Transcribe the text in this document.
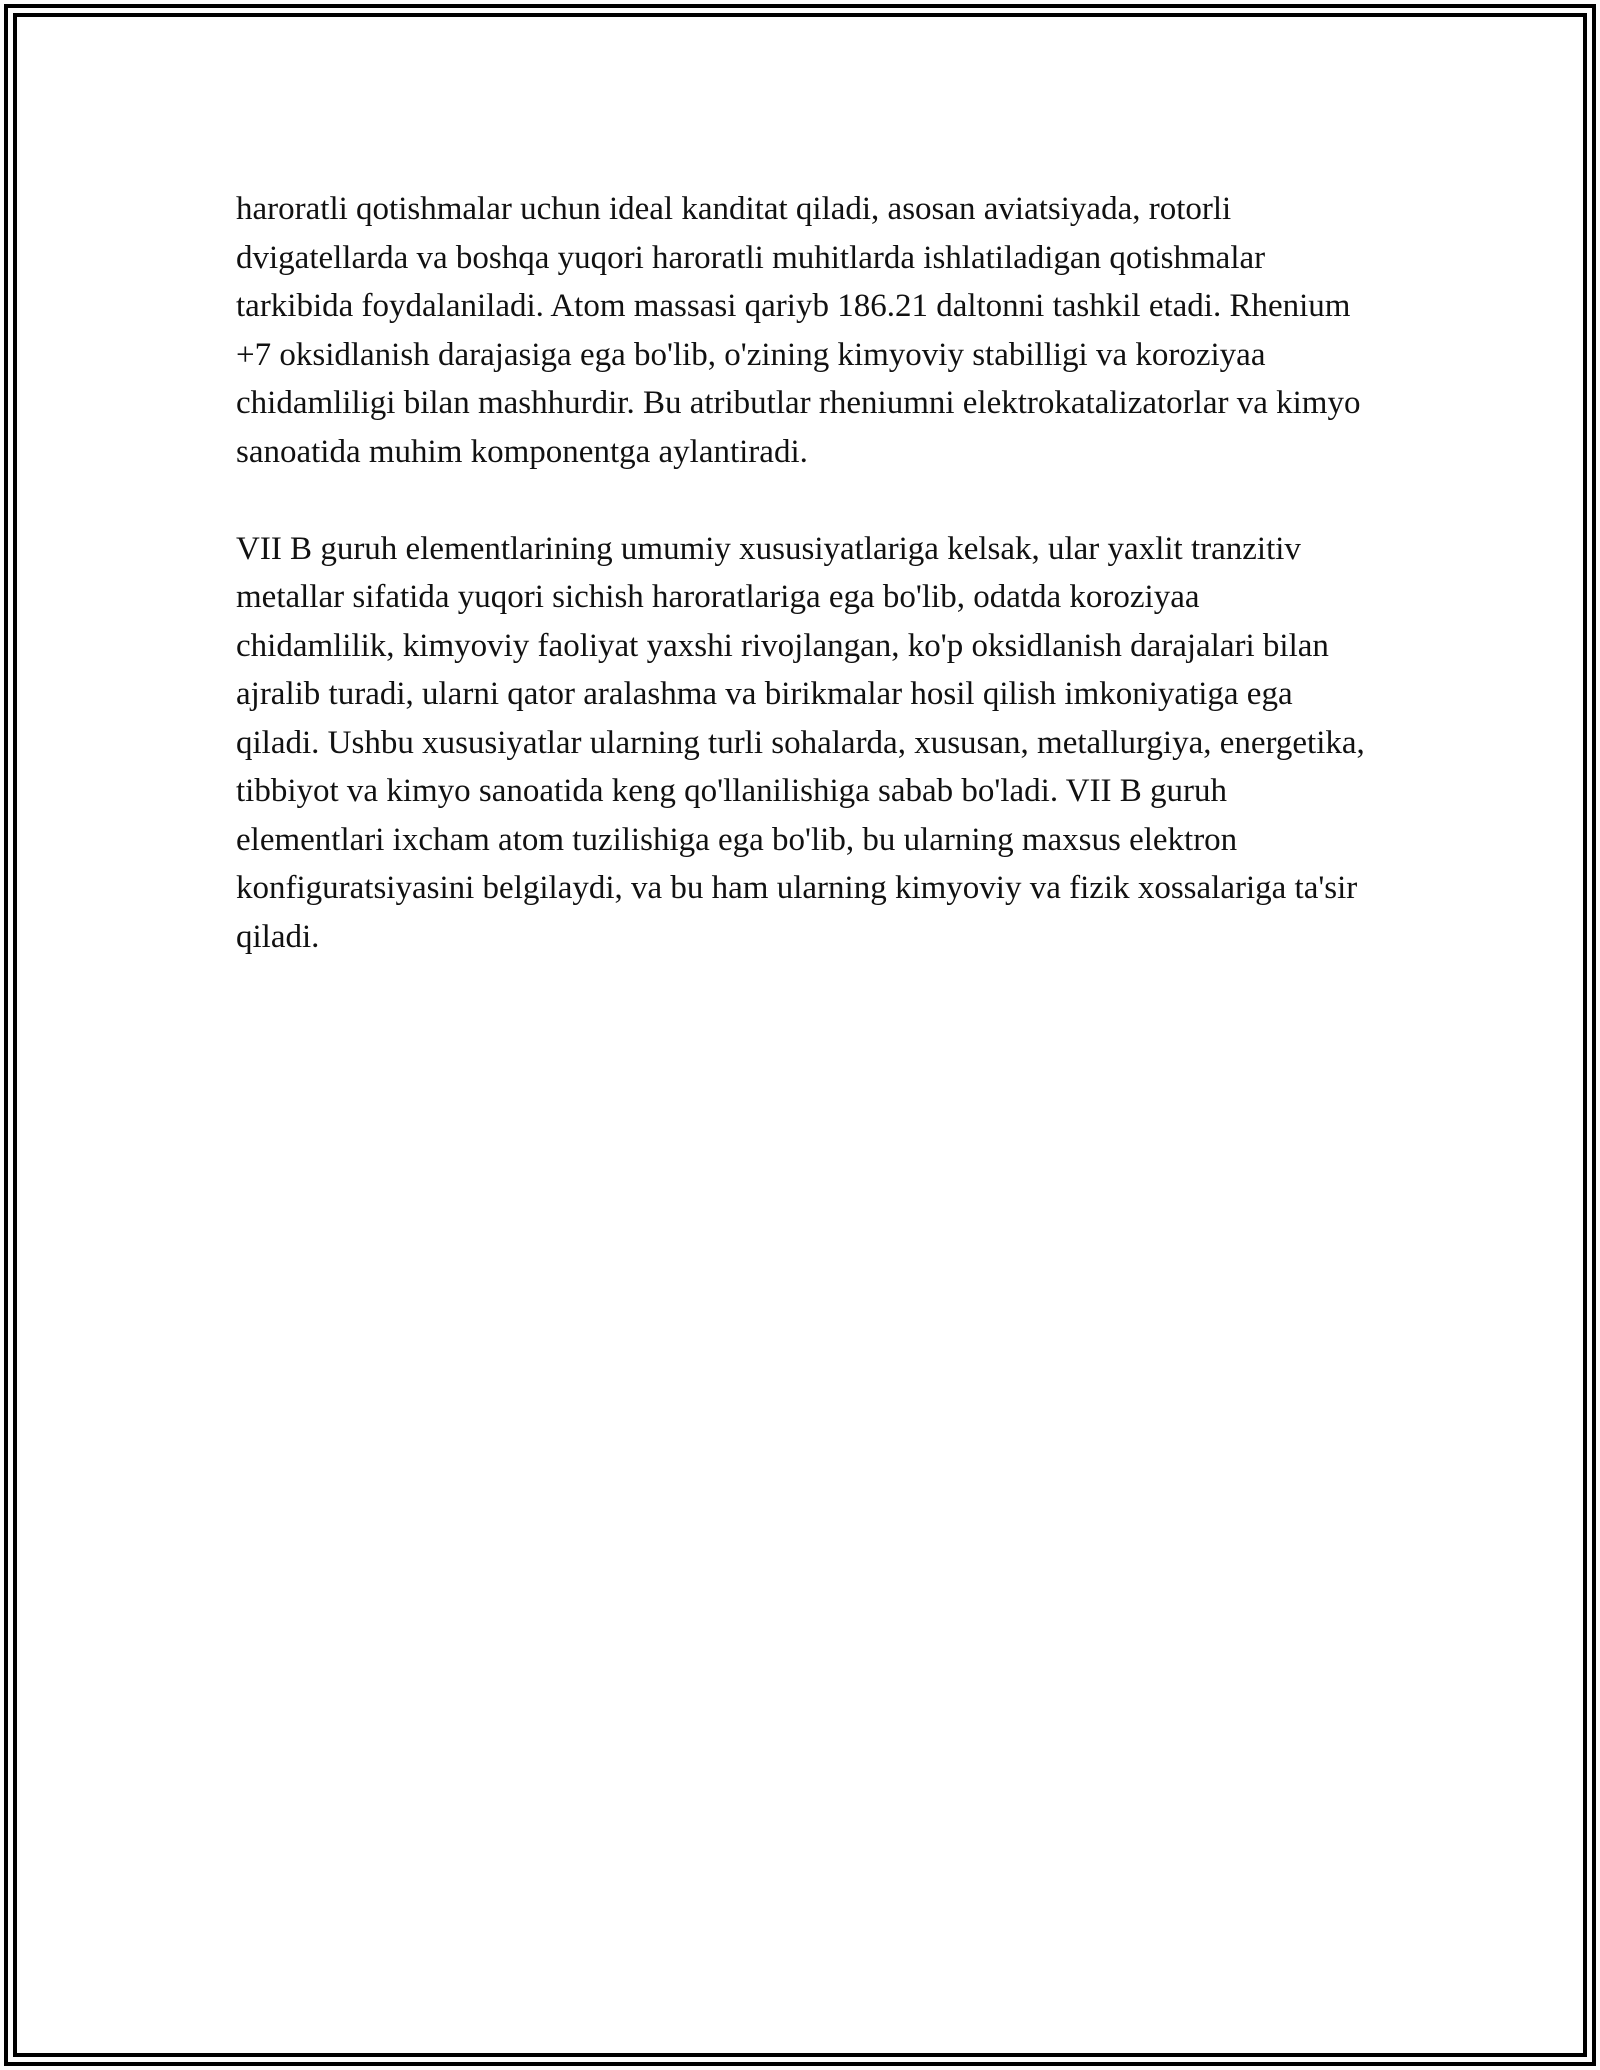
haroratli qotishmalar uchun ideal kanditat qiladi, asosan aviatsiyada, rotorli dvigatellarda va boshqa yuqori haroratli muhitlarda ishlatiladigan qotishmalar tarkibida foydalaniladi. Atom massasi qariyb 186.21 daltonni tashkil etadi. Rhenium +7 oksidlanish darajasiga ega bo'lib, o'zining kimyoviy stabilligi va koroziyaa chidamliligi bilan mashhurdir. Bu atributlar rheniumni elektrokatalizatorlar va kimyo sanoatida muhim komponentga aylantiradi.

VII B guruh elementlarining umumiy xususiyatlariga kelsak, ular yaxlit tranzitiv metallar sifatida yuqori sichish haroratlariga ega bo'lib, odatda koroziyaa chidamlilik, kimyoviy faoliyat yaxshi rivojlangan, ko'p oksidlanish darajalari bilan ajralib turadi, ularni qator aralashma va birikmalar hosil qilish imkoniyatiga ega qiladi. Ushbu xususiyatlar ularning turli sohalarda, xususan, metallurgiya, energetika, tibbiyot va kimyo sanoatida keng qo'llanilishiga sabab bo'ladi. VII B guruh elementlari ixcham atom tuzilishiga ega bo'lib, bu ularning maxsus elektron konfiguratsiyasini belgilaydi, va bu ham ularning kimyoviy va fizik xossalariga ta'sir qiladi.
